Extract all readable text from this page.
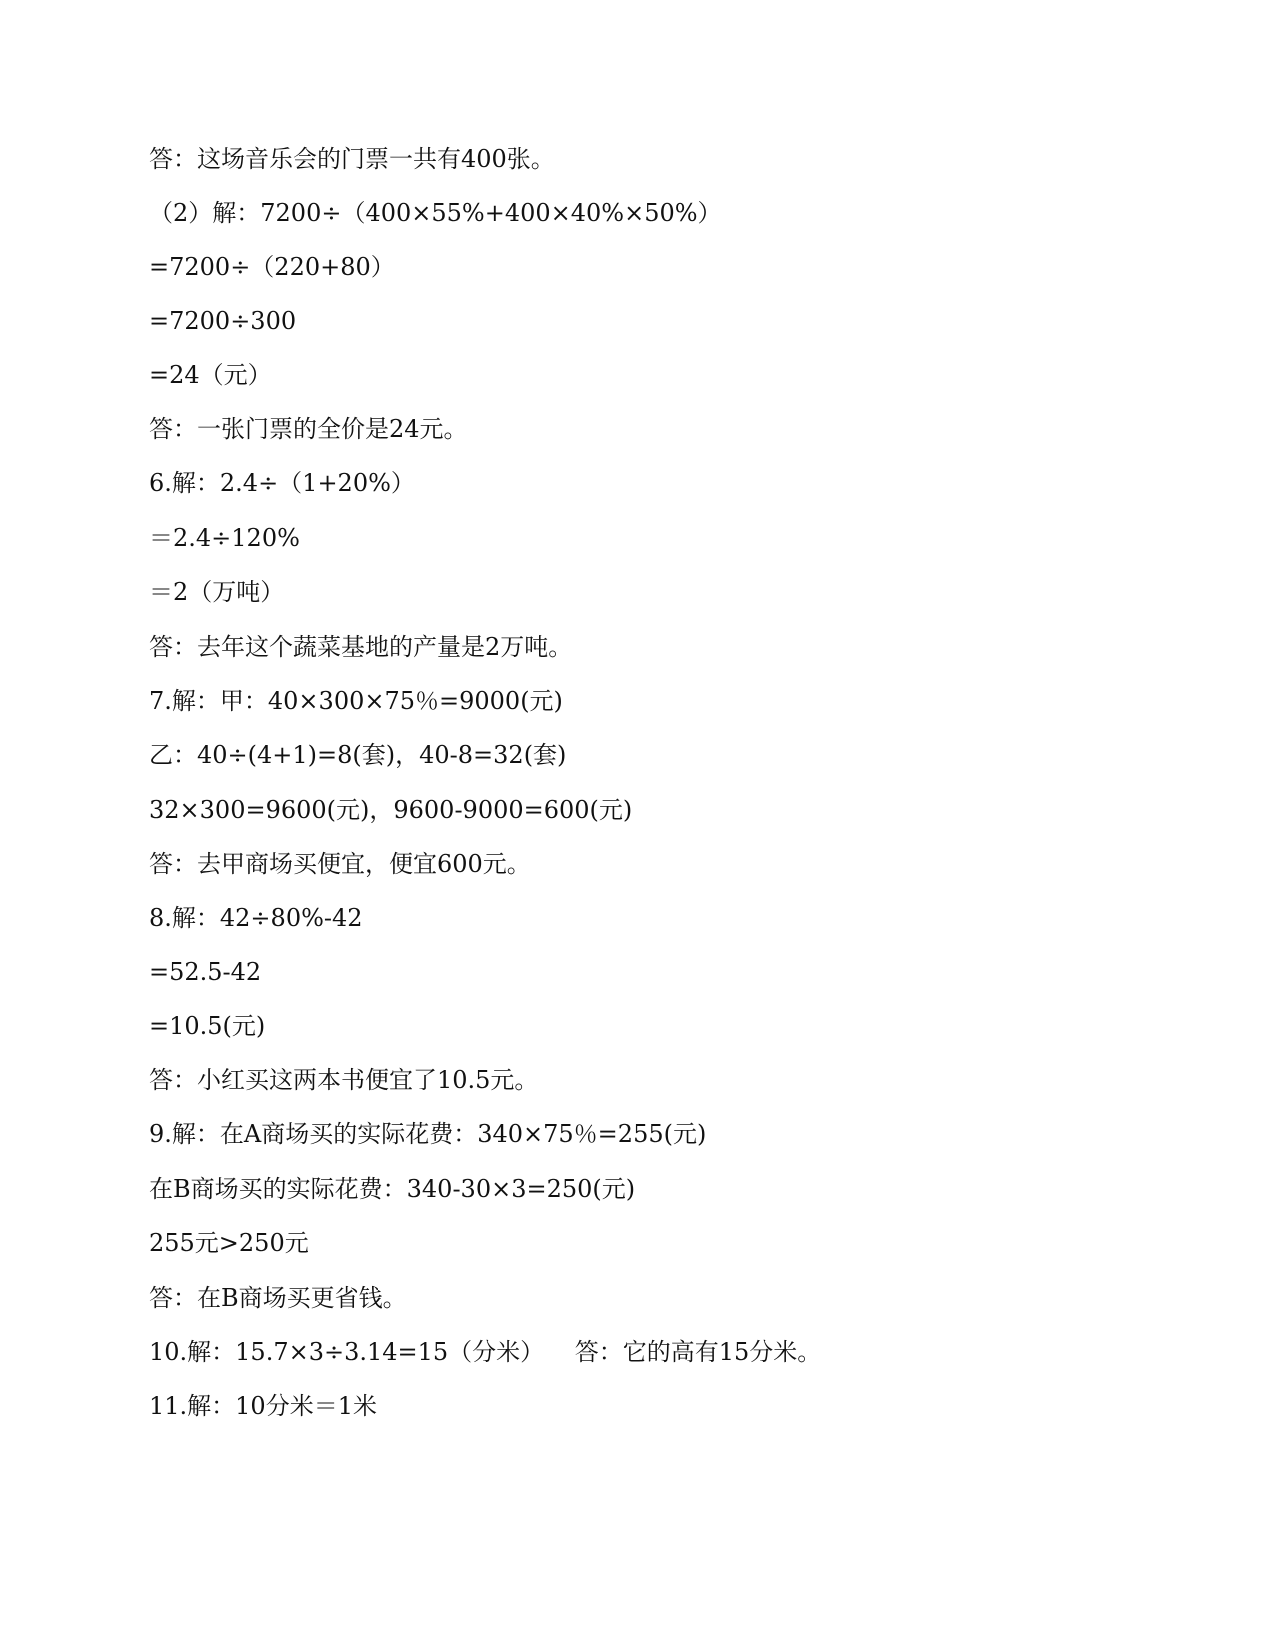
答：这场音乐会的门票一共有400张。
（2）解：7200÷（400×55%+400×40%×50%）
=7200÷（220+80）
=7200÷300
=24（元）
答：一张门票的全价是24元。
6.解：2.4÷（1+20%）
＝2.4÷120%
＝2（万吨）
答：去年这个蔬菜基地的产量是2万吨。
7.解：甲：40×300×75％=9000(元)
乙：40÷(4+1)=8(套)，40-8=32(套)
32×300=9600(元)，9600-9000=600(元)
答：去甲商场买便宜，便宜600元。
8.解：42÷80%-42
=52.5-42
=10.5(元)
答：小红买这两本书便宜了10.5元。
9.解：在A商场买的实际花费：340×75％=255(元)
在B商场买的实际花费：340-30×3=250(元)
255元>250元
答：在B商场买更省钱。
10.解：15.7×3÷3.14=15（分米）    答：它的高有15分米。
11.解：10分米＝1米
